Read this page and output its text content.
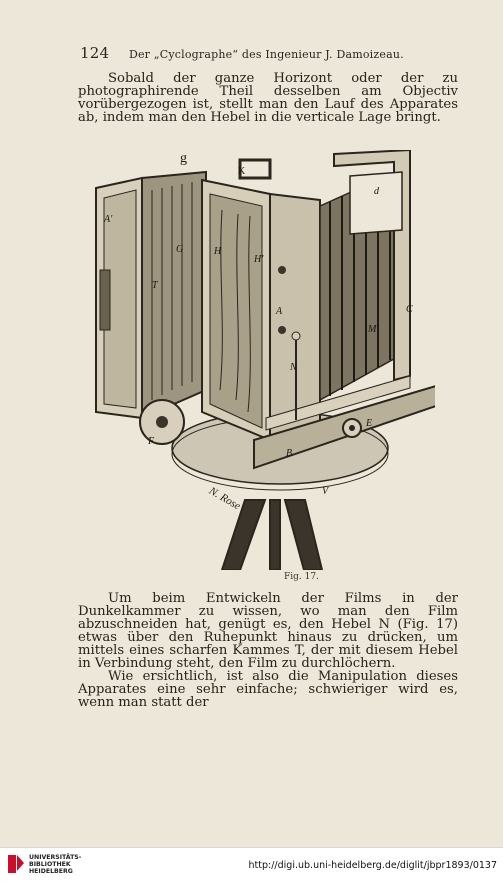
124 Der „Cyclographe“ des Ingenieur J. Damoizeau.

Sobald der ganze Horizont oder der zu photographirende Theil desselben am Objectiv vorübergezogen ist, stellt man den Lauf des Apparates ab, indem man den Hebel in die verticale Lage bringt.

g
K
d
A'
G	H
H'
T
A
M
C
N
F
E
B
V
N. Rose
Fig. 17.

Um beim Entwickeln der Films in der Dunkelkammer zu wissen, wo man den Film abzuschneiden hat, genügt es, den Hebel N (Fig. 17) etwas über den Ruhepunkt hinaus zu drücken, um mittels eines scharfen Kammes T, der mit diesem Hebel in Verbindung steht, den Film zu durchlöchern.

Wie ersichtlich, ist also die Manipulation dieses Apparates eine sehr einfache; schwieriger wird es, wenn man statt der

UNIVERSITÄTS-
BIBLIOTHEK
HEIDELBERG	http://digi.ub.uni-heidelberg.de/diglit/jbpr1893/0137
